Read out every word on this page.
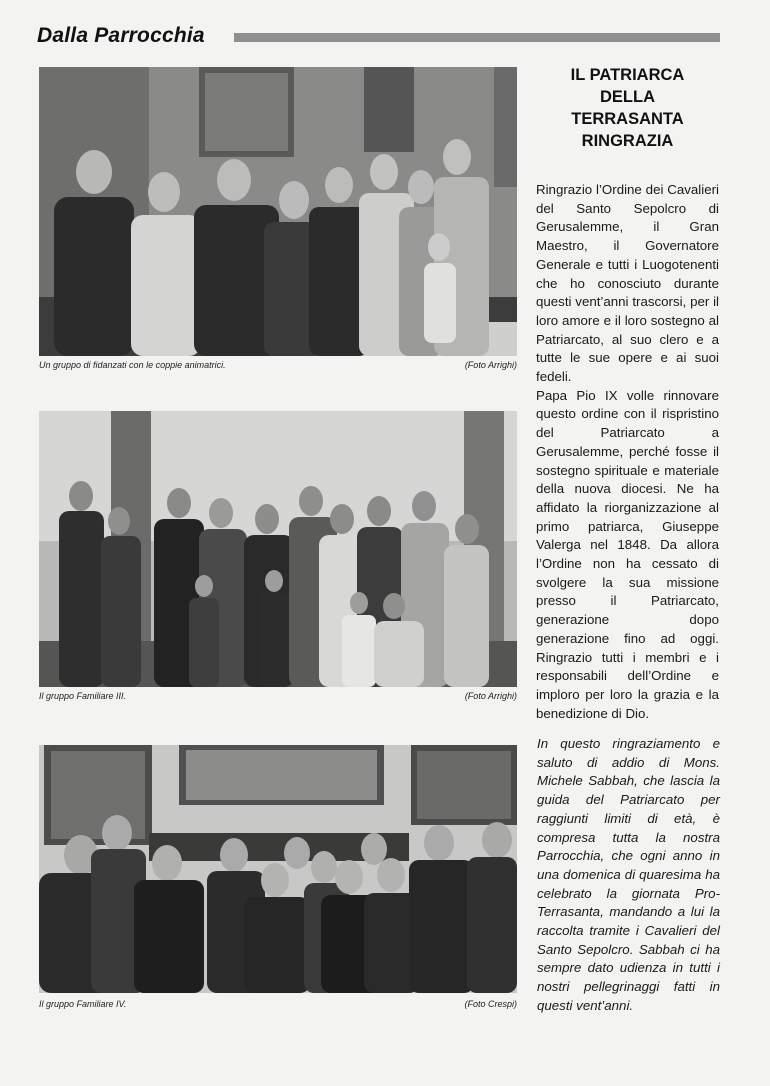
Dalla Parrocchia
Un gruppo di fidanzati con le coppie animatrici.	(Foto Arrighi)
Il gruppo Familiare III.	(Foto Arrighi)
Il gruppo Familiare IV.	(Foto Crespi)
IL PATRIARCA
DELLA
TERRASANTA
RINGRAZIA

Ringrazio l’Ordine dei Cavalieri del Santo Sepolcro di Gerusalemme, il Gran Maestro, il Governatore Generale e tutti i Luogotenenti che ho conosciuto durante questi vent’anni trascorsi, per il loro amore e il loro sostegno al Patriarcato, al suo clero e a tutte le sue opere e ai suoi fedeli.

Papa Pio IX volle rinnovare questo ordine con il rispristino del Patriarcato a Gerusalemme, perché fosse il sostegno spirituale e materiale della nuova diocesi. Ne ha affidato la riorganizzazione al primo patriarca, Giuseppe Valerga nel 1848. Da allora l’Ordine non ha cessato di svolgere la sua missione presso il Patriarcato, generazione dopo generazione fino ad oggi. Ringrazio tutti i membri e i responsabili dell’Ordine e imploro per loro la grazia e la benedizione di Dio.

In questo ringraziamento e saluto di addio di Mons. Michele Sabbah, che lascia la guida del Patriarcato per raggiunti limiti di età, è compresa tutta la nostra Parrocchia, che ogni anno in una domenica di quaresima ha celebrato la giornata Pro-Terrasanta, mandando a lui la raccolta tramite i Cavalieri del Santo Sepolcro. Sabbah ci ha sempre dato udienza in tutti i nostri pellegrinaggi fatti in questi vent’anni.
